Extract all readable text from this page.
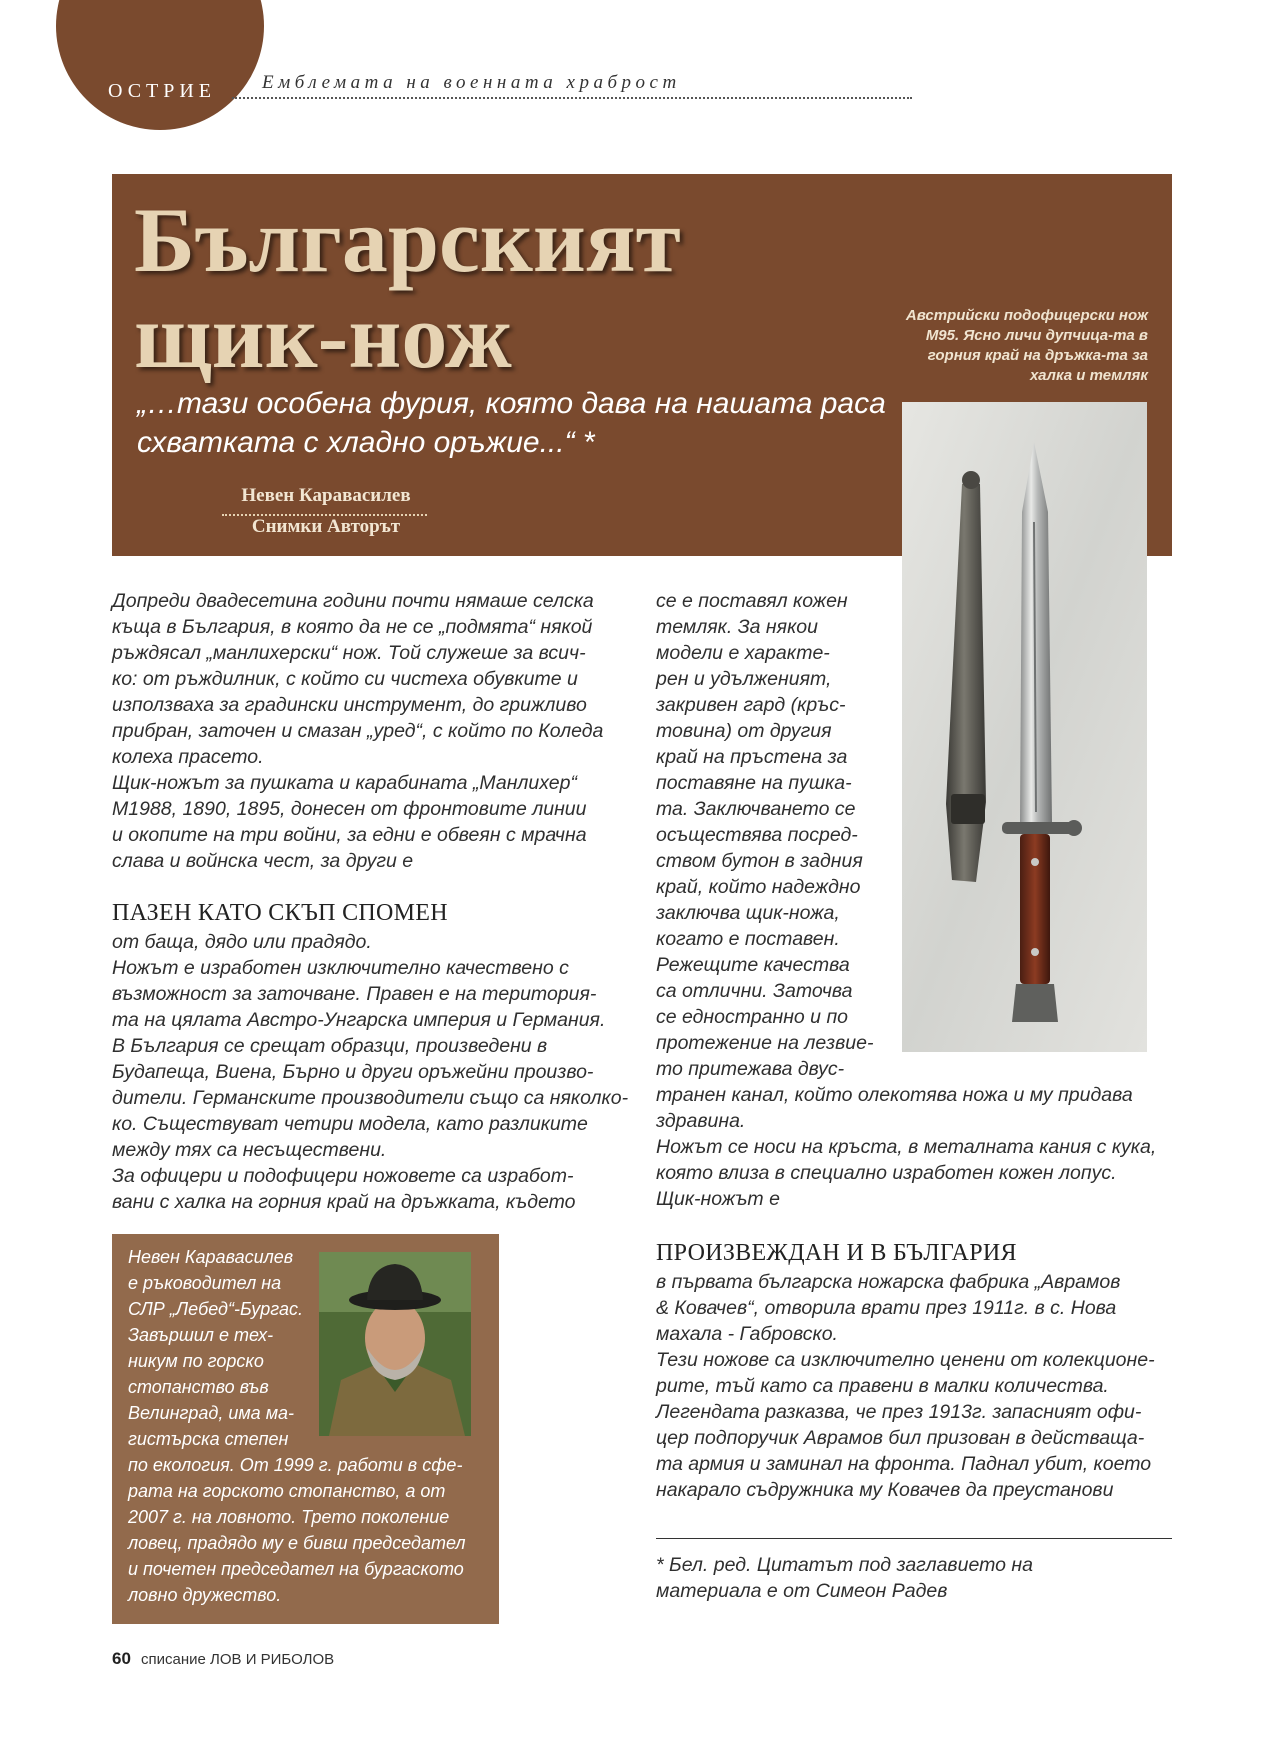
ОСТРИЕ Емблемата на военната храброст
Българският
щик-нож
„…тази особена фурия, която дава на нашата раса схватката с хладно оръжие...“ *
Невен Каравасилев
Снимки Авторът
Австрийски подофицерски нож М95. Ясно личи дупчица-та в горния край на дръжка-та за халка и темляк

Допреди двадесетина години почти нямаше селска
къща в България, в която да не се „подмята“ някой
ръждясал „манлихерски“ нож. Той служеше за всич-
ко: от ръждилник, с който си чистеха обувките и
използваха за градински инструмент, до грижливо
прибран, заточен и смазан „уред“, с който по Коледа
колеха прасето.

Щик-ножът за пушката и карабината „Манлихер“
М1988, 1890, 1895, донесен от фронтовите линии
и окопите на три войни, за едни е обвеян с мрачна
слава и войнска чест, за други е

ПАЗЕН КАТО СКЪП СПОМЕН

от баща, дядо или прадядо.
Ножът е изработен изключително качествено с
възможност за заточване. Правен е на територия-
та на цялата Австро-Унгарска империя и Германия.
В България се срещат образци, произведени в
Будапеща, Виена, Бърно и други оръжейни произво-
дители. Германските производители също са няколко-
ко. Съществуват четири модела, като разликите
между тях са несъществени.
За офицери и подофицери ножовете са изработ-
вани с халка на горния край на дръжката, където

Невен Каравасилев
е ръководител на
СЛР „Лебед“-Бургас.
Завършил е тех-
никум по горско
стопанство във
Велинград, има ма-
гистърска степен
по екология. От 1999 г. работи в сфе-
рата на горското стопанство, а от
2007 г. на ловното. Трето поколение
ловец, прадядо му е бивш председател
и почетен председател на бургаското
ловно дружество.

се е поставял кожен
темляк. За някои
модели е характе-
рен и удълженият,
закривен гард (кръс-
товина) от другия
край на пръстена за
поставяне на пушка-
та. Заключването се
осъществява посред-
ством бутон в задния
край, който надеждно
заключва щик-ножа,
когато е поставен.
Режещите качества
са отлични. Заточва
се едностранно и по
протежение на лезвие-
то притежава двус-
транен канал, който олекотява ножа и му придава
здравина.

Ножът се носи на кръста, в металната кания с кука,
която влиза в специално изработен кожен лопус.
Щик-ножът е

ПРОИЗВЕЖДАН И В БЪЛГАРИЯ

в първата българска ножарска фабрика „Аврамов
& Ковачев“, отворила врати през 1911г. в с. Нова
махала - Габровско.
Тези ножове са изключително ценени от колекционе-
рите, тъй като са правени в малки количества.
Легендата разказва, че през 1913г. запасният офи-
цер подпоручик Аврамов бил призован в действаща-
та армия и заминал на фронта. Паднал убит, което
накарало съдружника му Ковачев да преустанови

* Бел. ред. Цитатът под заглавието на
материала е от Симеон Радев
60 списание ЛОВ И РИБОЛОВ
